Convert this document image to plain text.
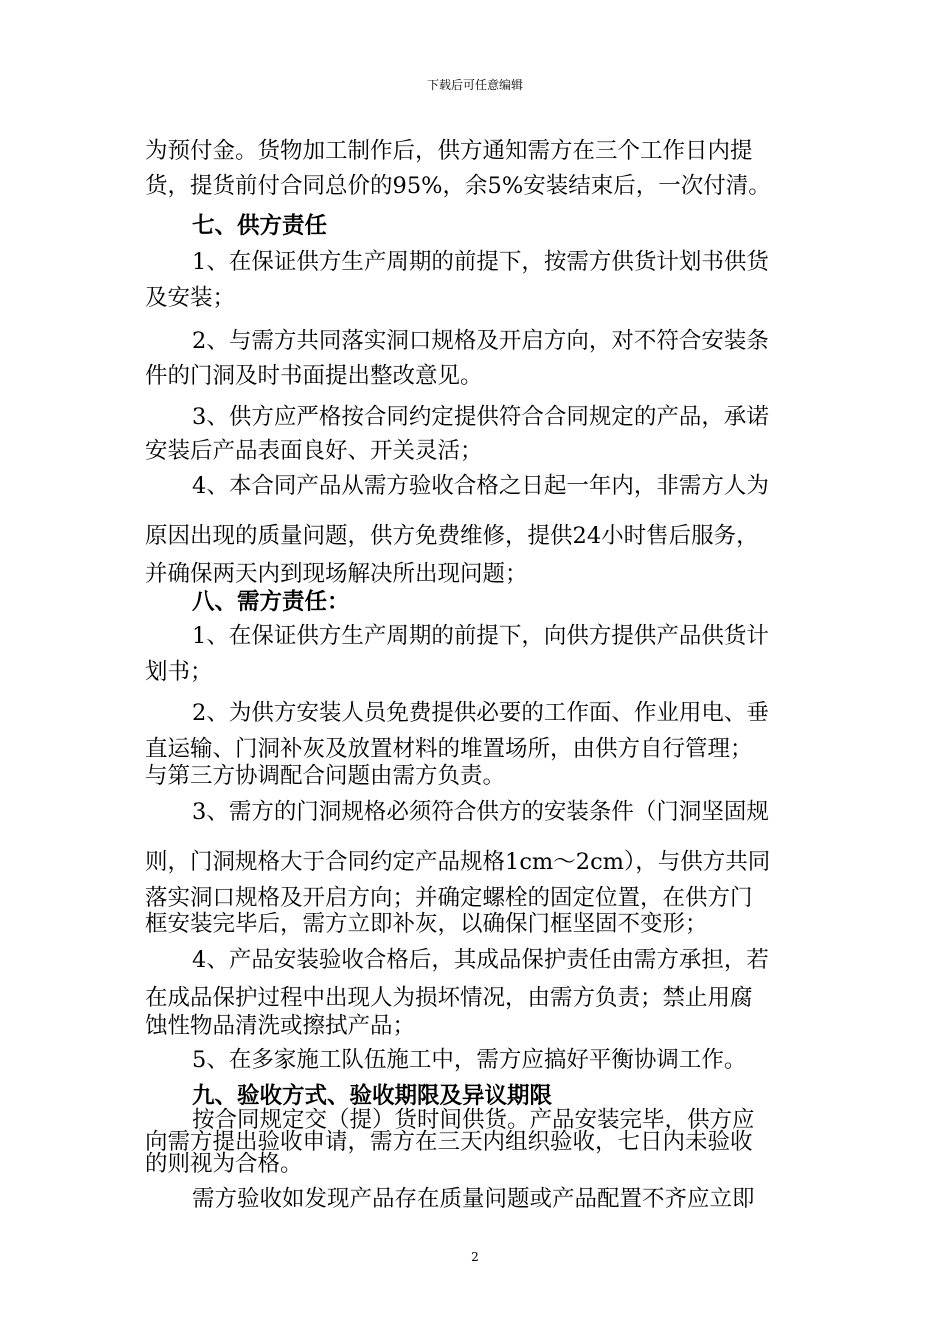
下载后可任意编辑
为预付金。货物加工制作后，供方通知需方在三个工作日内提
货，提货前付合同总价的95%，余5%安装结束后，一次付清。
七、供方责任
1、在保证供方生产周期的前提下，按需方供货计划书供货
及安装；
2、与需方共同落实洞口规格及开启方向，对不符合安装条
件的门洞及时书面提出整改意见。
3、供方应严格按合同约定提供符合合同规定的产品，承诺
安装后产品表面良好、开关灵活；
4、本合同产品从需方验收合格之日起一年内，非需方人为
原因出现的质量问题，供方免费维修，提供24小时售后服务，
并确保两天内到现场解决所出现问题；
八、需方责任：
1、在保证供方生产周期的前提下，向供方提供产品供货计
划书；
2、为供方安装人员免费提供必要的工作面、作业用电、垂
直运输、门洞补灰及放置材料的堆置场所，由供方自行管理；
与第三方协调配合问题由需方负责。
3、需方的门洞规格必须符合供方的安装条件（门洞坚固规
则，门洞规格大于合同约定产品规格1cm～2cm），与供方共同
落实洞口规格及开启方向；并确定螺栓的固定位置，在供方门
框安装完毕后，需方立即补灰，以确保门框坚固不变形；
4、产品安装验收合格后，其成品保护责任由需方承担，若
在成品保护过程中出现人为损坏情况，由需方负责；禁止用腐
蚀性物品清洗或擦拭产品；
5、在多家施工队伍施工中，需方应搞好平衡协调工作。
九、验收方式、验收期限及异议期限
按合同规定交（提）货时间供货。产品安装完毕，供方应
向需方提出验收申请，需方在三天内组织验收，七日内未验收
的则视为合格。
需方验收如发现产品存在质量问题或产品配置不齐应立即
2
